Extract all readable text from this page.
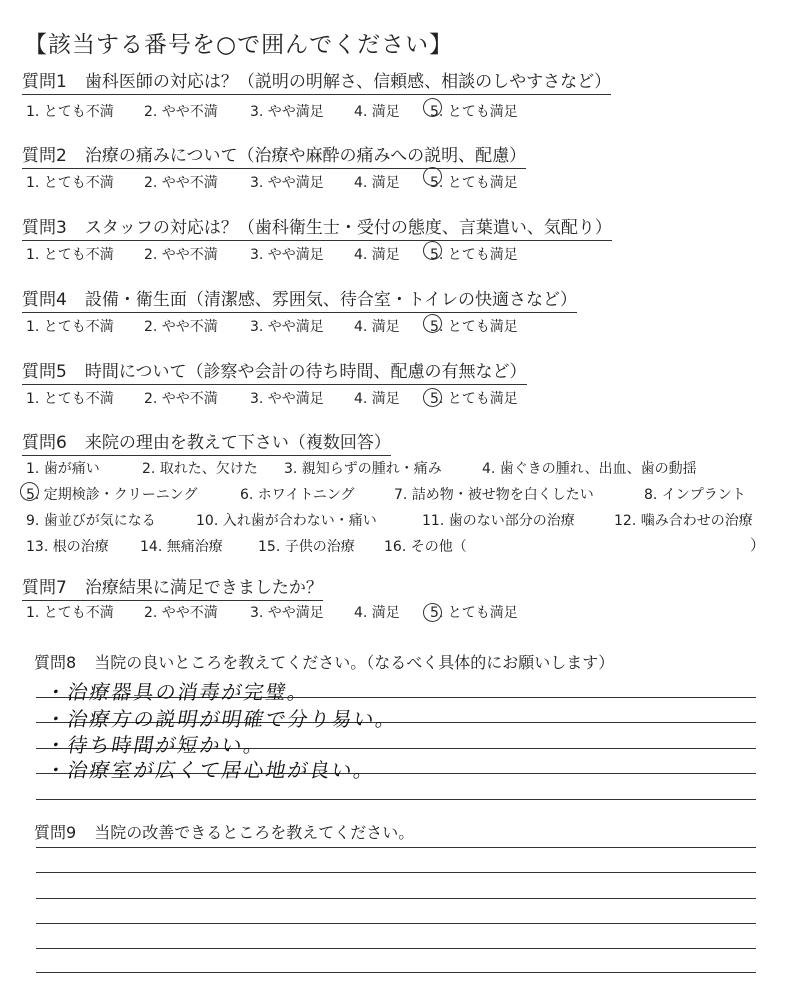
【該当する番号を○で囲んでください】
質問1 歯科医師の対応は？（説明の明解さ、信頼感、相談のしやすさなど）
1. とても不満 2. やや不満 3. やや満足 4. 満足 5. とても満足
質問2 治療の痛みについて（治療や麻酔の痛みへの説明、配慮）
1. とても不満 2. やや不満 3. やや満足 4. 満足 5. とても満足
質問3 スタッフの対応は？（歯科衛生士・受付の態度、言葉遣い、気配り）
1. とても不満 2. やや不満 3. やや満足 4. 満足 5. とても満足
質問4 設備・衛生面（清潔感、雰囲気、待合室・トイレの快適さなど）
1. とても不満 2. やや不満 3. やや満足 4. 満足 5. とても満足
質問5 時間について（診察や会計の待ち時間、配慮の有無など）
1. とても不満 2. やや不満 3. やや満足 4. 満足 5. とても満足
質問6 来院の理由を教えて下さい（複数回答）
1. 歯が痛い	2. 取れた、欠けた 3. 親知らずの腫れ・痛み	4. 歯ぐきの腫れ、出血、歯の動揺
5. 定期検診・クリーニング	6. ホワイトニング	7. 詰め物・被せ物を白くしたい	8. インプラント
9. 歯並びが気になる	10. 入れ歯が合わない・痛い	11. 歯のない部分の治療	12. 噛み合わせの治療
13. 根の治療 14. 無痛治療	15. 子供の治療 16. その他（	）
質問7 治療結果に満足できましたか？
1. とても不満 2. やや不満 3. やや満足 4. 満足 5. とても満足
質問8 当院の良いところを教えてください。（なるべく具体的にお願いします）
・治療器具の消毒が完璧。
・治療方の説明が明確で分り易い。
・待ち時間が短かい。
・治療室が広くて居心地が良い。
質問9 当院の改善できるところを教えてください。
